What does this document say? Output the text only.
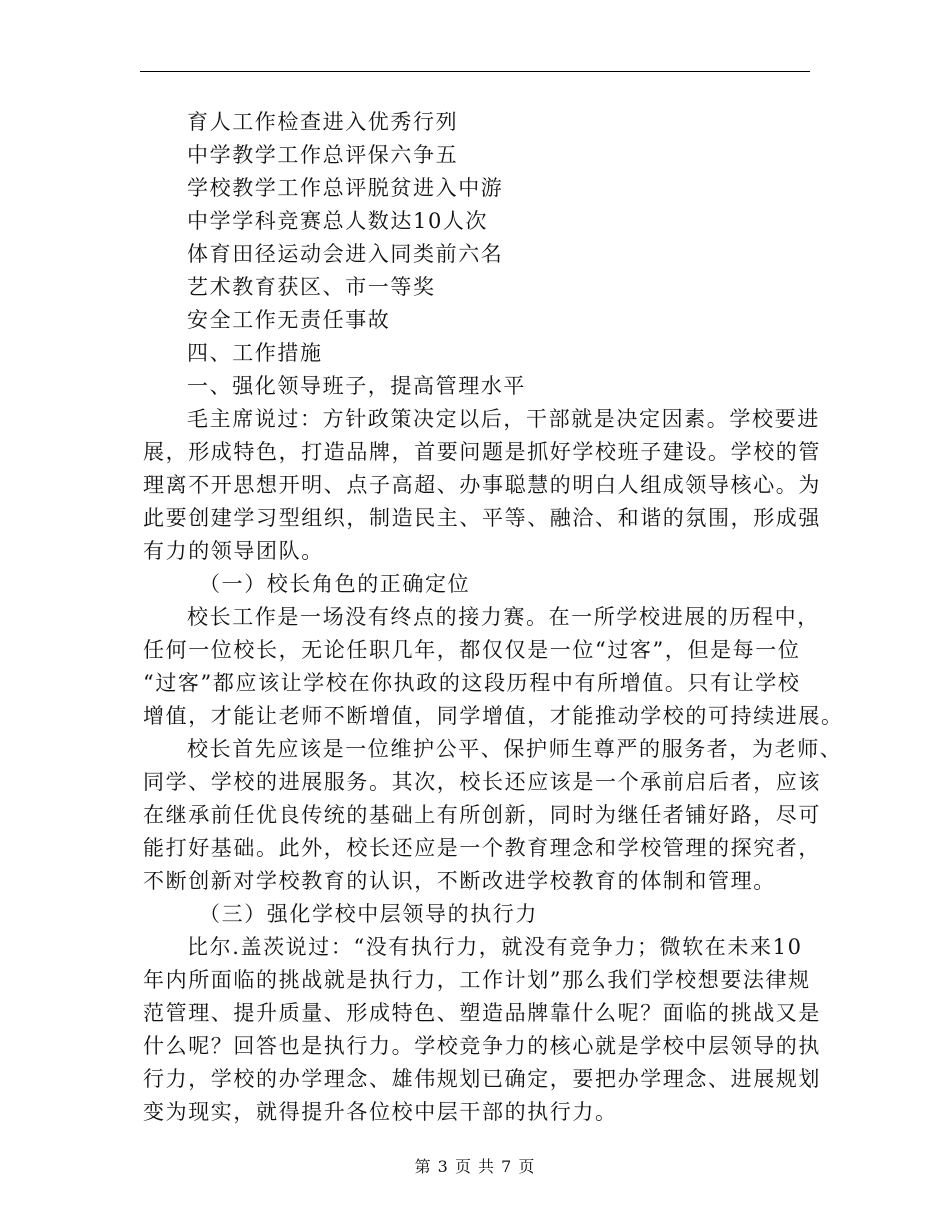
育人工作检查进入优秀行列
中学教学工作总评保六争五
学校教学工作总评脱贫进入中游
中学学科竞赛总人数达10人次
体育田径运动会进入同类前六名
艺术教育获区、市一等奖
安全工作无责任事故
四、工作措施
一、强化领导班子，提高管理水平
毛主席说过：方针政策决定以后，干部就是决定因素。学校要进
展，形成特色，打造品牌，首要问题是抓好学校班子建设。学校的管
理离不开思想开明、点子高超、办事聪慧的明白人组成领导核心。为
此要创建学习型组织，制造民主、平等、融洽、和谐的氛围，形成强
有力的领导团队。
（一）校长角色的正确定位
校长工作是一场没有终点的接力赛。在一所学校进展的历程中，
任何一位校长，无论任职几年，都仅仅是一位“过客”，但是每一位
“过客”都应该让学校在你执政的这段历程中有所增值。只有让学校
增值，才能让老师不断增值，同学增值，才能推动学校的可持续进展。
校长首先应该是一位维护公平、保护师生尊严的服务者，为老师、
同学、学校的进展服务。其次，校长还应该是一个承前启后者，应该
在继承前任优良传统的基础上有所创新，同时为继任者铺好路，尽可
能打好基础。此外，校长还应是一个教育理念和学校管理的探究者，
不断创新对学校教育的认识，不断改进学校教育的体制和管理。
（三）强化学校中层领导的执行力
比尔.盖茨说过：“没有执行力，就没有竞争力；微软在未来10
年内所面临的挑战就是执行力，工作计划”那么我们学校想要法律规
范管理、提升质量、形成特色、塑造品牌靠什么呢？面临的挑战又是
什么呢？回答也是执行力。学校竞争力的核心就是学校中层领导的执
行力，学校的办学理念、雄伟规划已确定，要把办学理念、进展规划
变为现实，就得提升各位校中层干部的执行力。
第 3 页 共 7 页
